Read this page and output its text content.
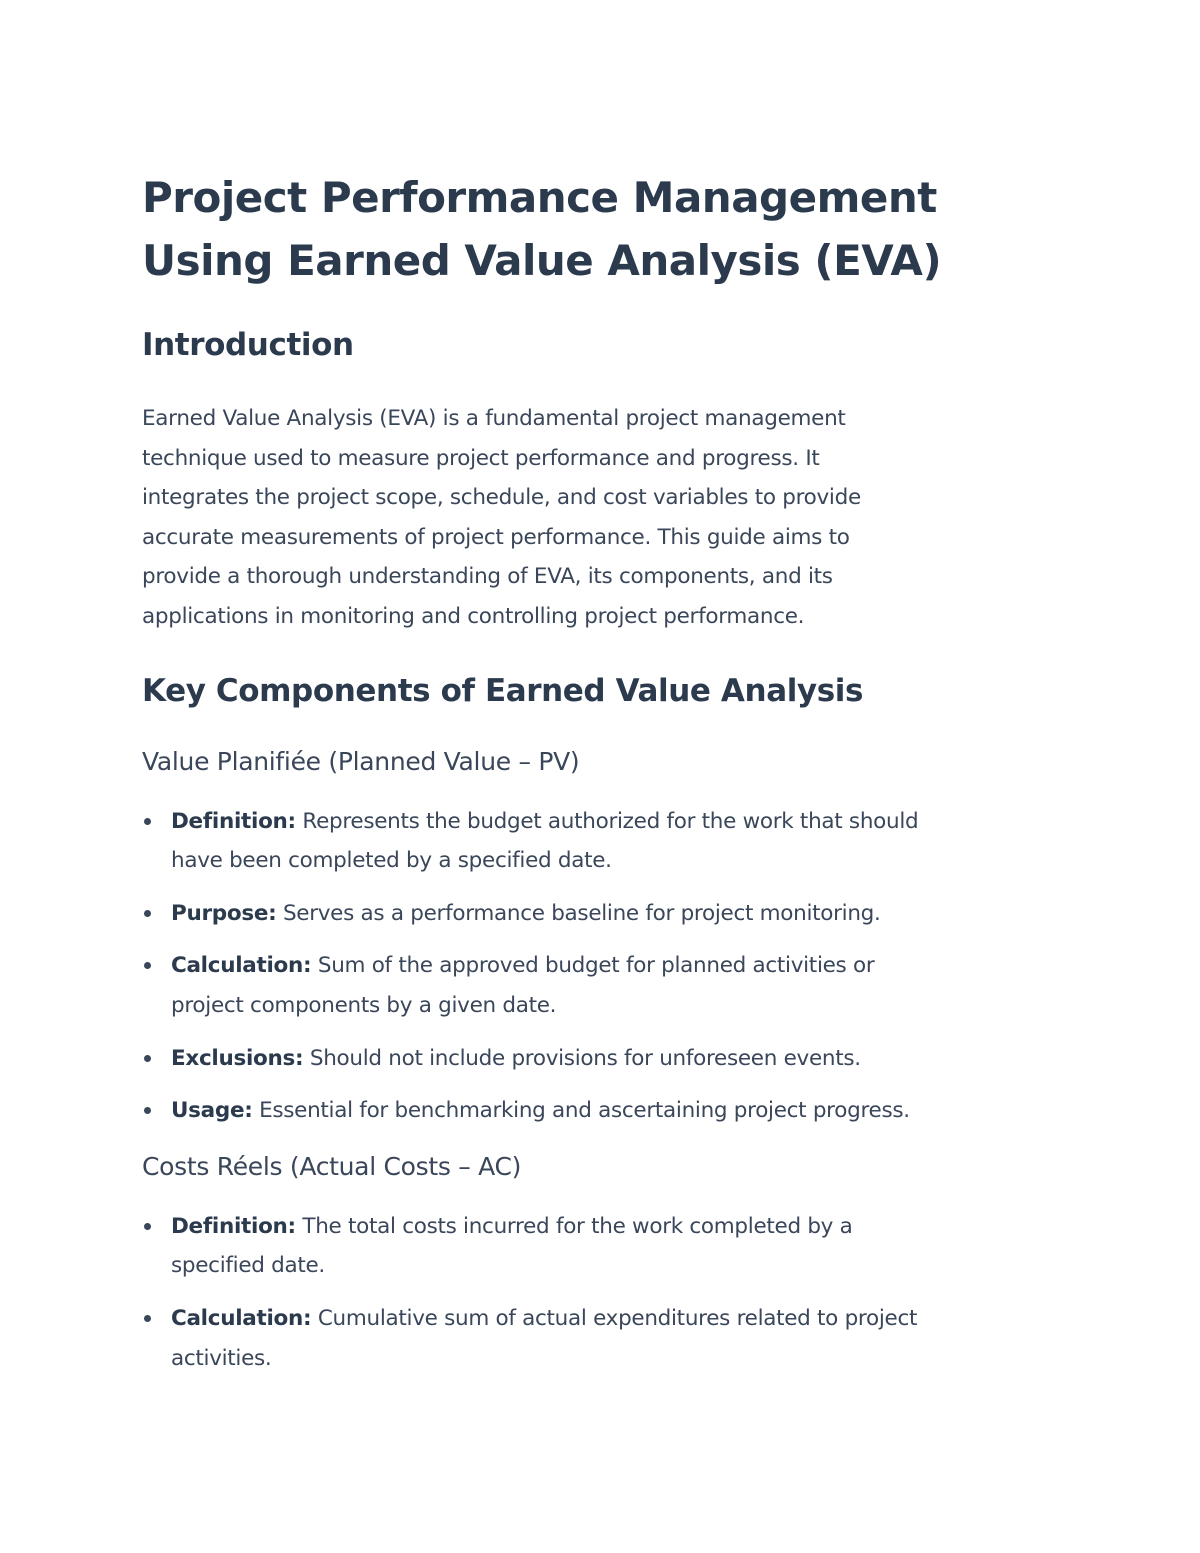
Project Performance Management
Using Earned Value Analysis (EVA)
Introduction

Earned Value Analysis (EVA) is a fundamental project management
technique used to measure project performance and progress. It
integrates the project scope, schedule, and cost variables to provide
accurate measurements of project performance. This guide aims to
provide a thorough understanding of EVA, its components, and its
applications in monitoring and controlling project performance.

Key Components of Earned Value Analysis
Value Planifiée (Planned Value – PV)
Definition: Represents the budget authorized for the work that should
have been completed by a specified date.
Purpose: Serves as a performance baseline for project monitoring.
Calculation: Sum of the approved budget for planned activities or
project components by a given date.
Exclusions: Should not include provisions for unforeseen events.
Usage: Essential for benchmarking and ascertaining project progress.
Costs Réels (Actual Costs – AC)
Definition: The total costs incurred for the work completed by a
specified date.
Calculation: Cumulative sum of actual expenditures related to project
activities.
